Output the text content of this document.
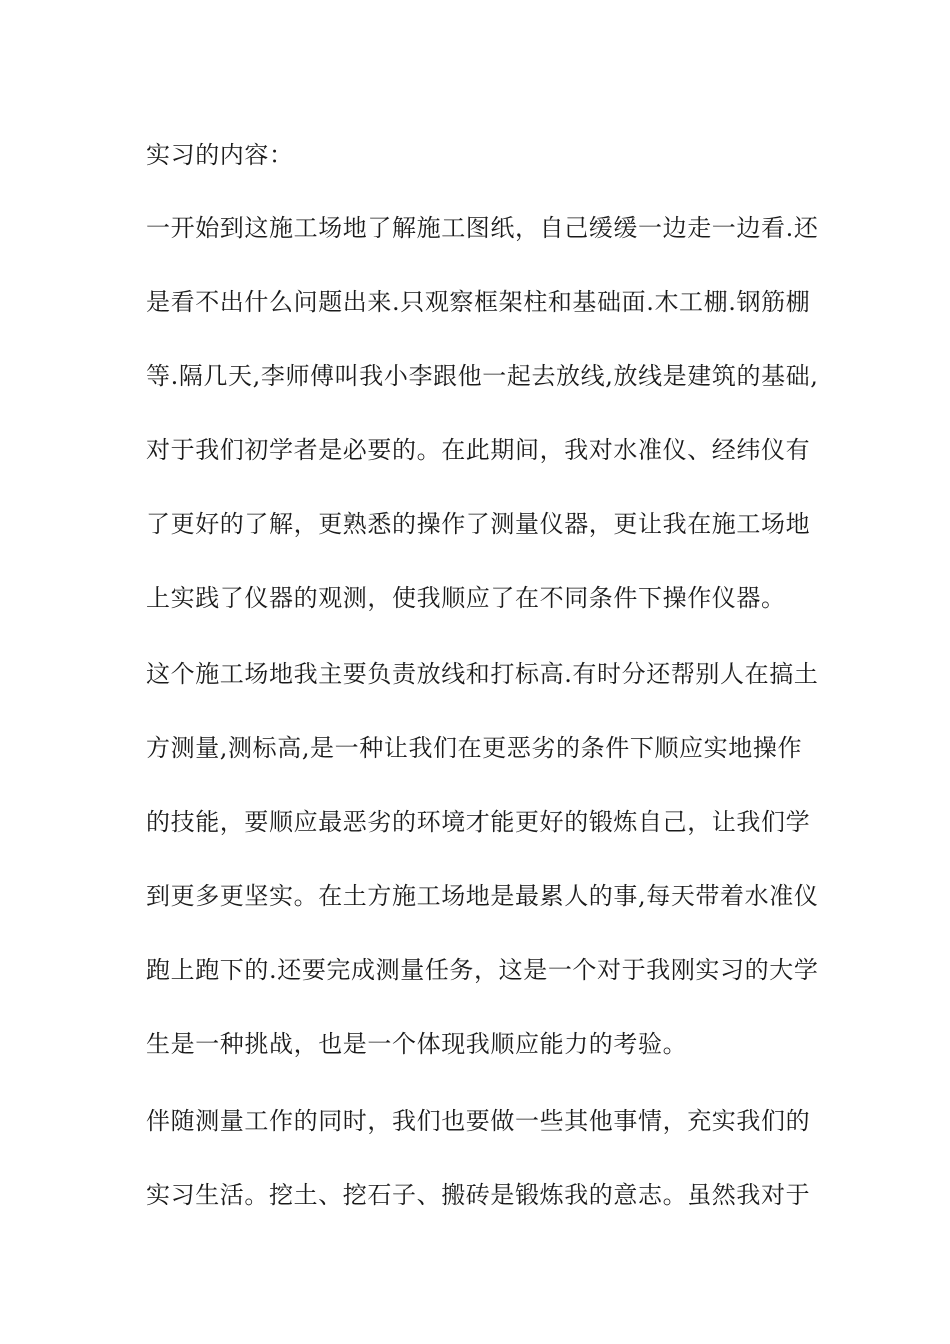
实习的内容：

一开始到这施工场地了解施工图纸，自己缓缓一边走一边看.还

是看不出什么问题出来.只观察框架柱和基础面.木工棚.钢筋棚

等.隔几天,李师傅叫我小李跟他一起去放线,放线是建筑的基础,

对于我们初学者是必要的。在此期间，我对水准仪、经纬仪有

了更好的了解，更熟悉的操作了测量仪器，更让我在施工场地

上实践了仪器的观测，使我顺应了在不同条件下操作仪器。

这个施工场地我主要负责放线和打标高.有时分还帮别人在搞土

方测量,测标高,是一种让我们在更恶劣的条件下顺应实地操作

的技能，要顺应最恶劣的环境才能更好的锻炼自己，让我们学

到更多更坚实。在土方施工场地是最累人的事,每天带着水准仪

跑上跑下的.还要完成测量任务，这是一个对于我刚实习的大学

生是一种挑战，也是一个体现我顺应能力的考验。

伴随测量工作的同时，我们也要做一些其他事情，充实我们的

实习生活。挖土、挖石子、搬砖是锻炼我的意志。虽然我对于
